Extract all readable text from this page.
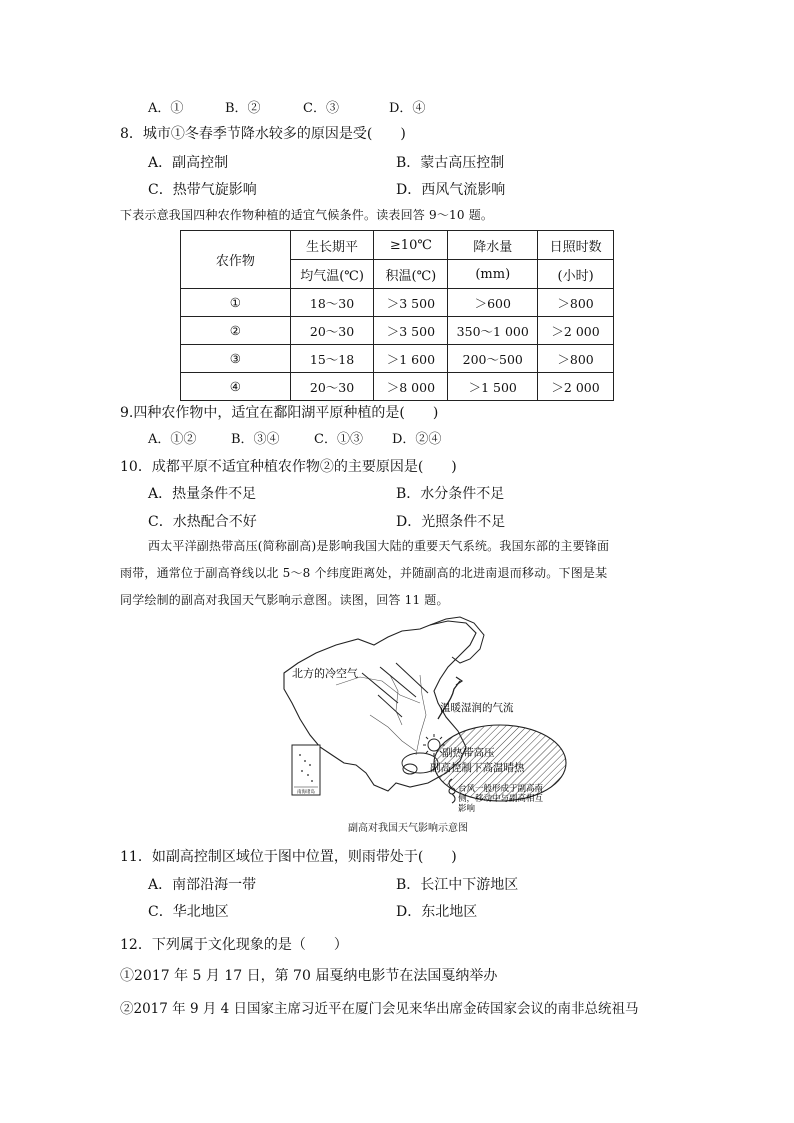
A．①	B．②	C．③	D．④
8．城市①冬春季节降水较多的原因是受(　　)
A．副高控制	B．蒙古高压控制
C．热带气旋影响	D．西风气流影响
下表示意我国四种农作物种植的适宜气候条件。读表回答 9～10 题。
农作物	生长期平	≥10℃	降水量	日照时数
	均气温(℃)	积温(℃)	(mm)	(小时)
①	18～30	＞3 500	＞600	＞800
②	20～30	＞3 500	350～1 000	＞2 000
③	15～18	＞1 600	200～500	＞800
④	20～30	＞8 000	＞1 500	＞2 000
9.四种农作物中，适宜在鄱阳湖平原种植的是(　　)
A．①②	B．③④	C．①③ D．②④
10．成都平原不适宜种植农作物②的主要原因是(　　)
A．热量条件不足	B．水分条件不足
C．水热配合不好	D．光照条件不足
西太平洋副热带高压(简称副高)是影响我国大陆的重要天气系统。我国东部的主要锋面
雨带，通常位于副高脊线以北 5～8 个纬度距离处，并随副高的北进南退而移动。下图是某
同学绘制的副高对我国天气影响示意图。读图，回答 11 题。
南海诸岛
北方的冷空气
温暖湿润的气流
副热带高压
副高控制下高温晴热
台风一般形成于副高南
侧，移动中与副高相互
影响
副高对我国天气影响示意图
11．如副高控制区域位于图中位置，则雨带处于(　　)
A．南部沿海一带	B．长江中下游地区
C．华北地区	D．东北地区
12．下列属于文化现象的是（　　）
①2017 年 5 月 17 日，第 70 届戛纳电影节在法国戛纳举办
②2017 年 9 月 4 日国家主席习近平在厦门会见来华出席金砖国家会议的南非总统祖马
